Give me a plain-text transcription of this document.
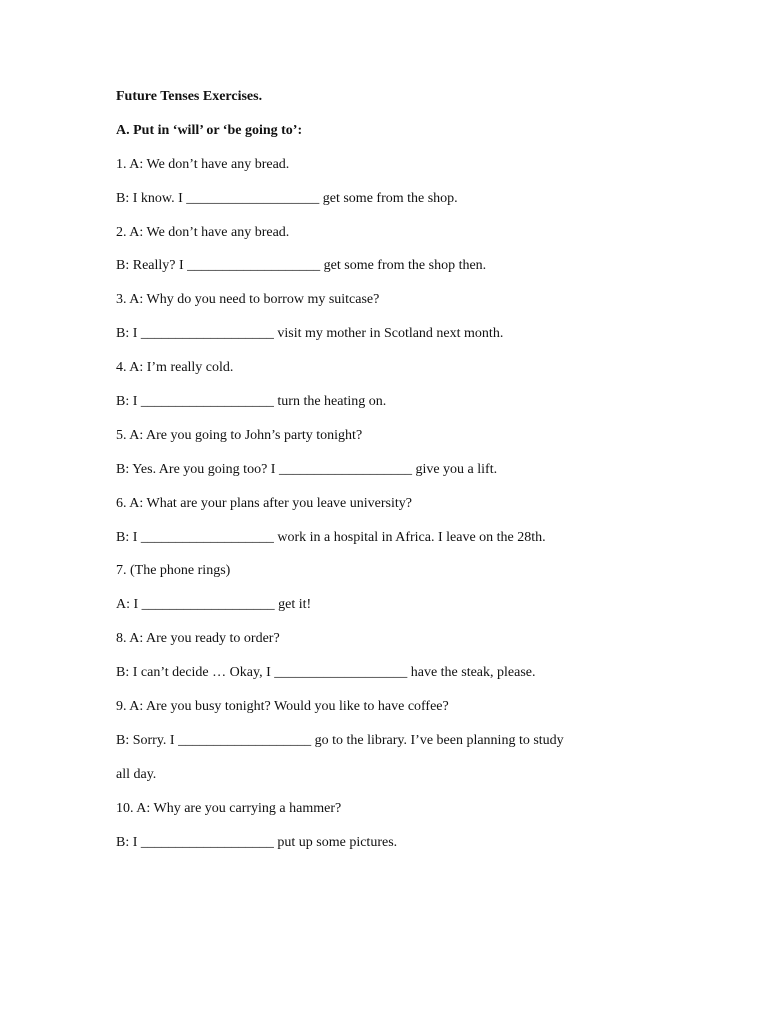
Future Tenses Exercises.
A. Put in ‘will’ or ‘be going to’:
1. A: We don’t have any bread.
B: I know. I ___________________ get some from the shop.
2. A: We don’t have any bread.
B: Really? I ___________________ get some from the shop then.
3. A: Why do you need to borrow my suitcase?
B: I ___________________ visit my mother in Scotland next month.
4. A: I’m really cold.
B: I ___________________ turn the heating on.
5. A: Are you going to John’s party tonight?
B: Yes. Are you going too? I ___________________ give you a lift.
6. A: What are your plans after you leave university?
B: I ___________________ work in a hospital in Africa. I leave on the 28th.
7. (The phone rings)
A: I ___________________ get it!
8. A: Are you ready to order?
B: I can’t decide … Okay, I ___________________ have the steak, please.
9. A: Are you busy tonight? Would you like to have coffee?
B: Sorry. I ___________________ go to the library. I’ve been planning to study
all day.
10. A: Why are you carrying a hammer?
B: I ___________________ put up some pictures.
